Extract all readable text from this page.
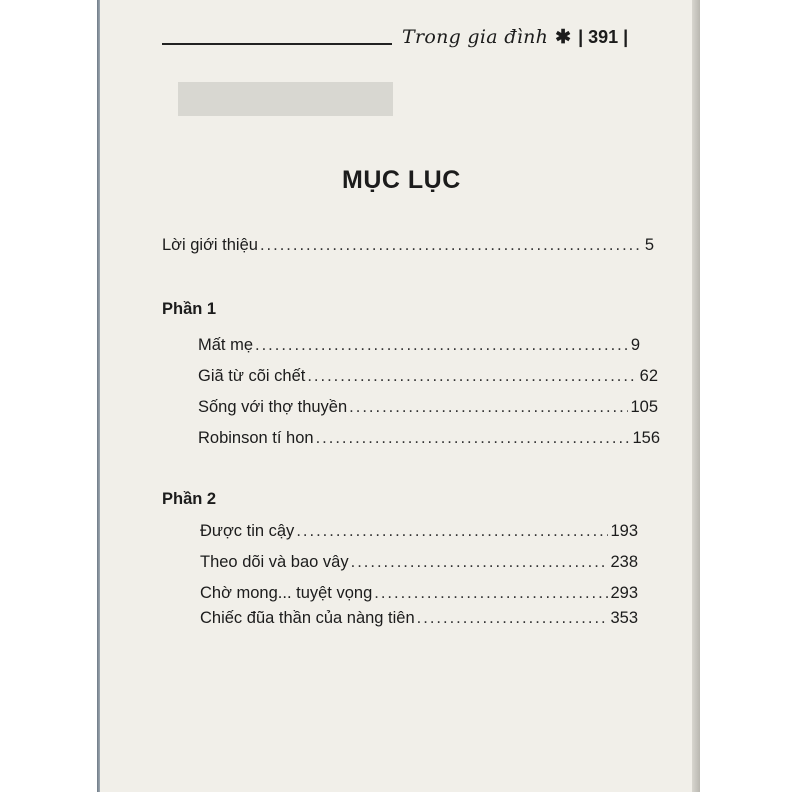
Trong gia đình ✱ | 391 |
MỤC LỤC
Lời giới thiệu .....	5
Phần 1
Mất mẹ .....	9
Giã từ cõi chết .....	62
Sống với thợ thuyền .....	105
Robinson tí hon .....	156
Phần 2
Được tin cậy .....	193
Theo dõi và bao vây .....	238
Chờ mong... tuyệt vọng .....	293
Chiếc đũa thần của nàng tiên .....	353
